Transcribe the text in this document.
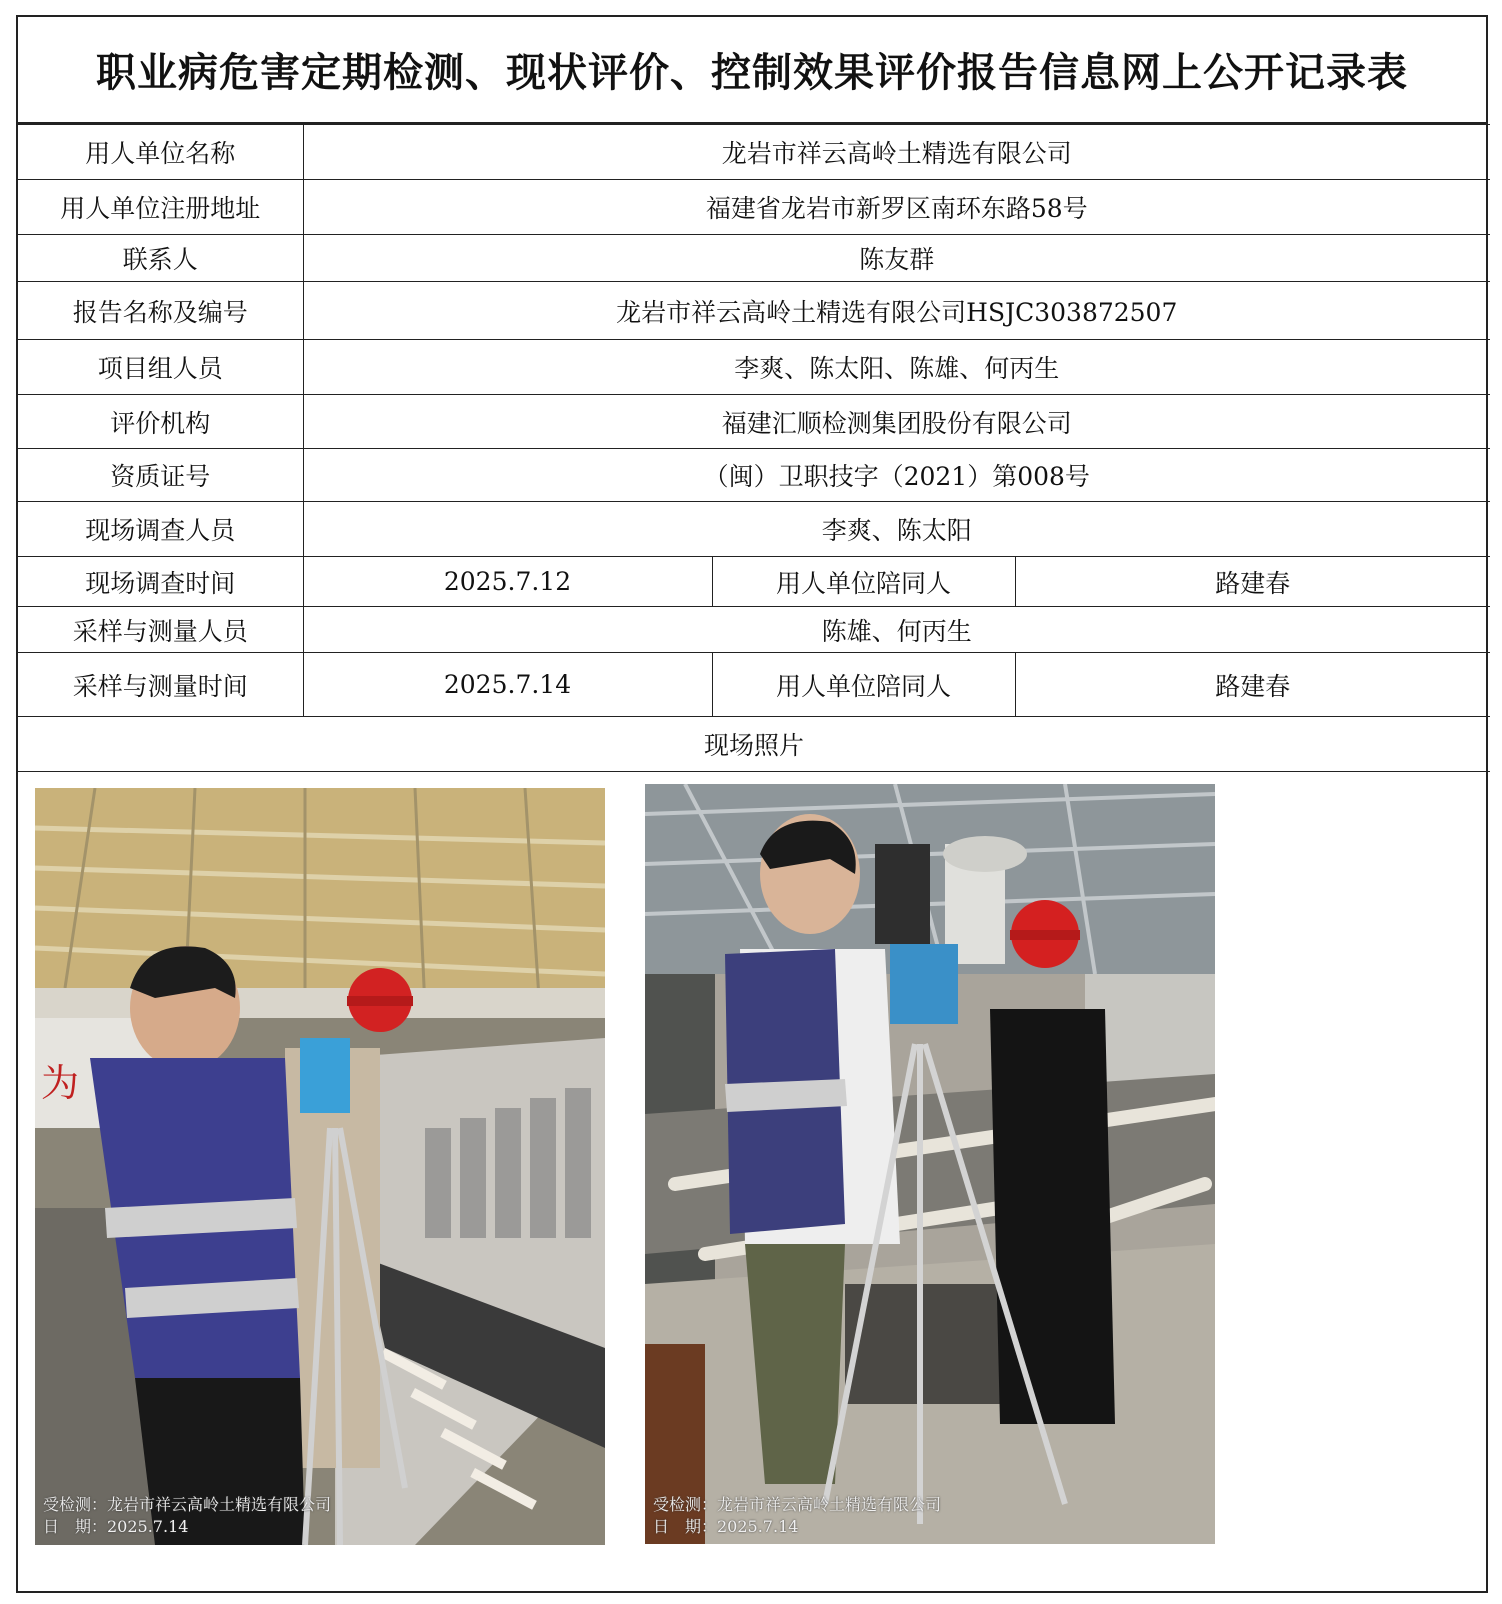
职业病危害定期检测、现状评价、控制效果评价报告信息网上公开记录表
用人单位名称	龙岩市祥云高岭土精选有限公司		
用人单位注册地址	福建省龙岩市新罗区南环东路58号		
联系人	陈友群		
报告名称及编号	龙岩市祥云高岭土精选有限公司HSJC303872507		
项目组人员	李爽、陈太阳、陈雄、何丙生		
评价机构	福建汇顺检测集团股份有限公司		
资质证号	（闽）卫职技字（2021）第008号		
现场调查人员	李爽、陈太阳		
现场调查时间	2025.7.12	用人单位陪同人	路建春
采样与测量人员	陈雄、何丙生		
采样与测量时间	2025.7.14	用人单位陪同人	路建春
现场照片			
为
受检测：龙岩市祥云高岭土精选有限公司
日　期：2025.7.14
受检测：龙岩市祥云高岭土精选有限公司
日　期：2025.7.14
